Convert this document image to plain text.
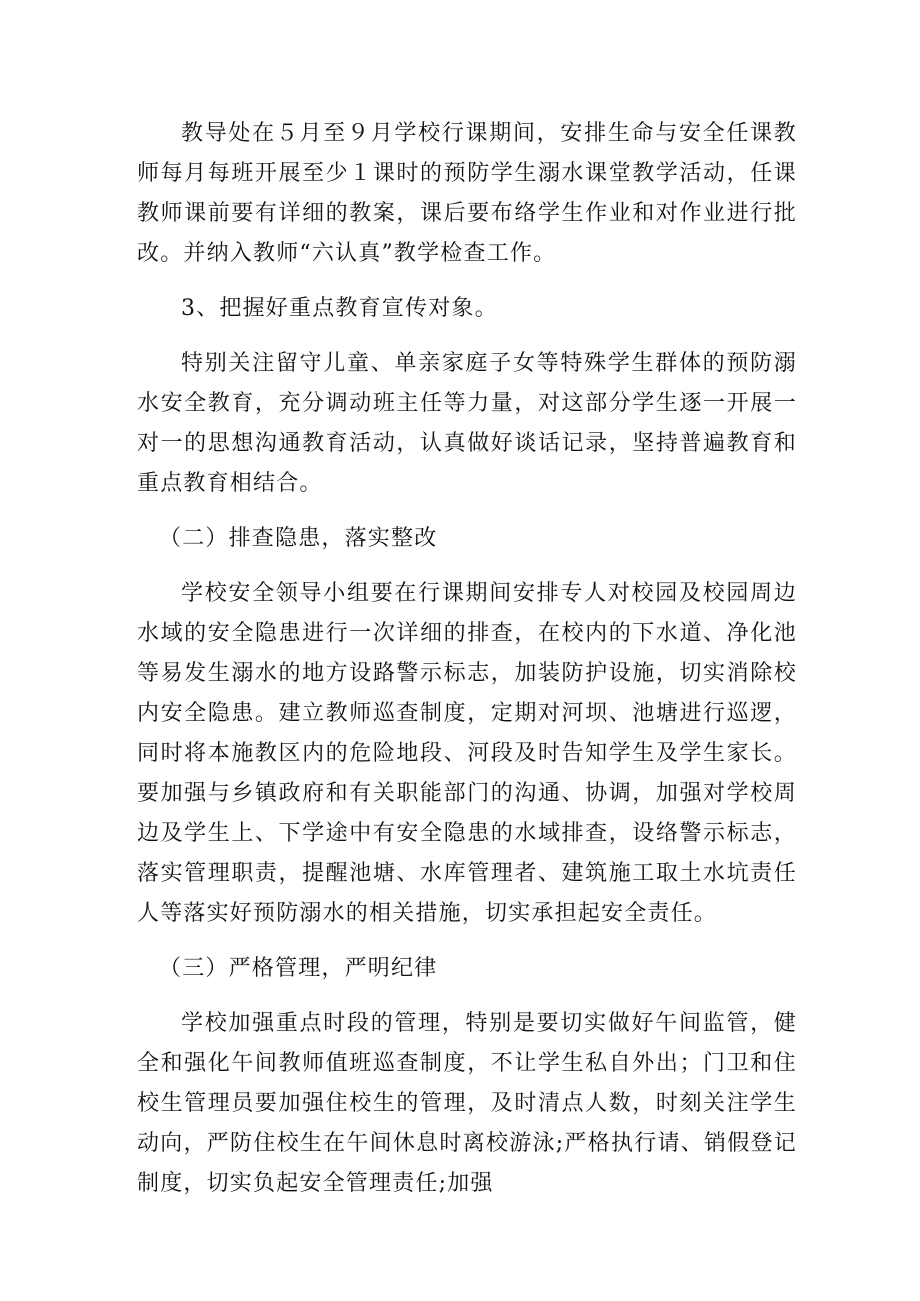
教导处在５月至９月学校行课期间，安排生命与安全任课教师每月每班开展至少１课时的预防学生溺水课堂教学活动，任课教师课前要有详细的教案，课后要布络学生作业和对作业进行批改。并纳入教师“六认真”教学检查工作。

3、把握好重点教育宣传对象。

特别关注留守儿童、单亲家庭子女等特殊学生群体的预防溺水安全教育，充分调动班主任等力量，对这部分学生逐一开展一对一的思想沟通教育活动，认真做好谈话记录，坚持普遍教育和重点教育相结合。

（二）排查隐患，落实整改

学校安全领导小组要在行课期间安排专人对校园及校园周边水域的安全隐患进行一次详细的排查，在校内的下水道、净化池等易发生溺水的地方设路警示标志，加装防护设施，切实消除校内安全隐患。建立教师巡查制度，定期对河坝、池塘进行巡逻，同时将本施教区内的危险地段、河段及时告知学生及学生家长。要加强与乡镇政府和有关职能部门的沟通、协调，加强对学校周边及学生上、下学途中有安全隐患的水域排查，设络警示标志，落实管理职责，提醒池塘、水库管理者、建筑施工取土水坑责任人等落实好预防溺水的相关措施，切实承担起安全责任。

（三）严格管理，严明纪律

学校加强重点时段的管理，特别是要切实做好午间监管，健全和强化午间教师值班巡查制度，不让学生私自外出；门卫和住校生管理员要加强住校生的管理，及时清点人数，时刻关注学生动向，严防住校生在午间休息时离校游泳;严格执行请、销假登记制度，切实负起安全管理责任;加强
